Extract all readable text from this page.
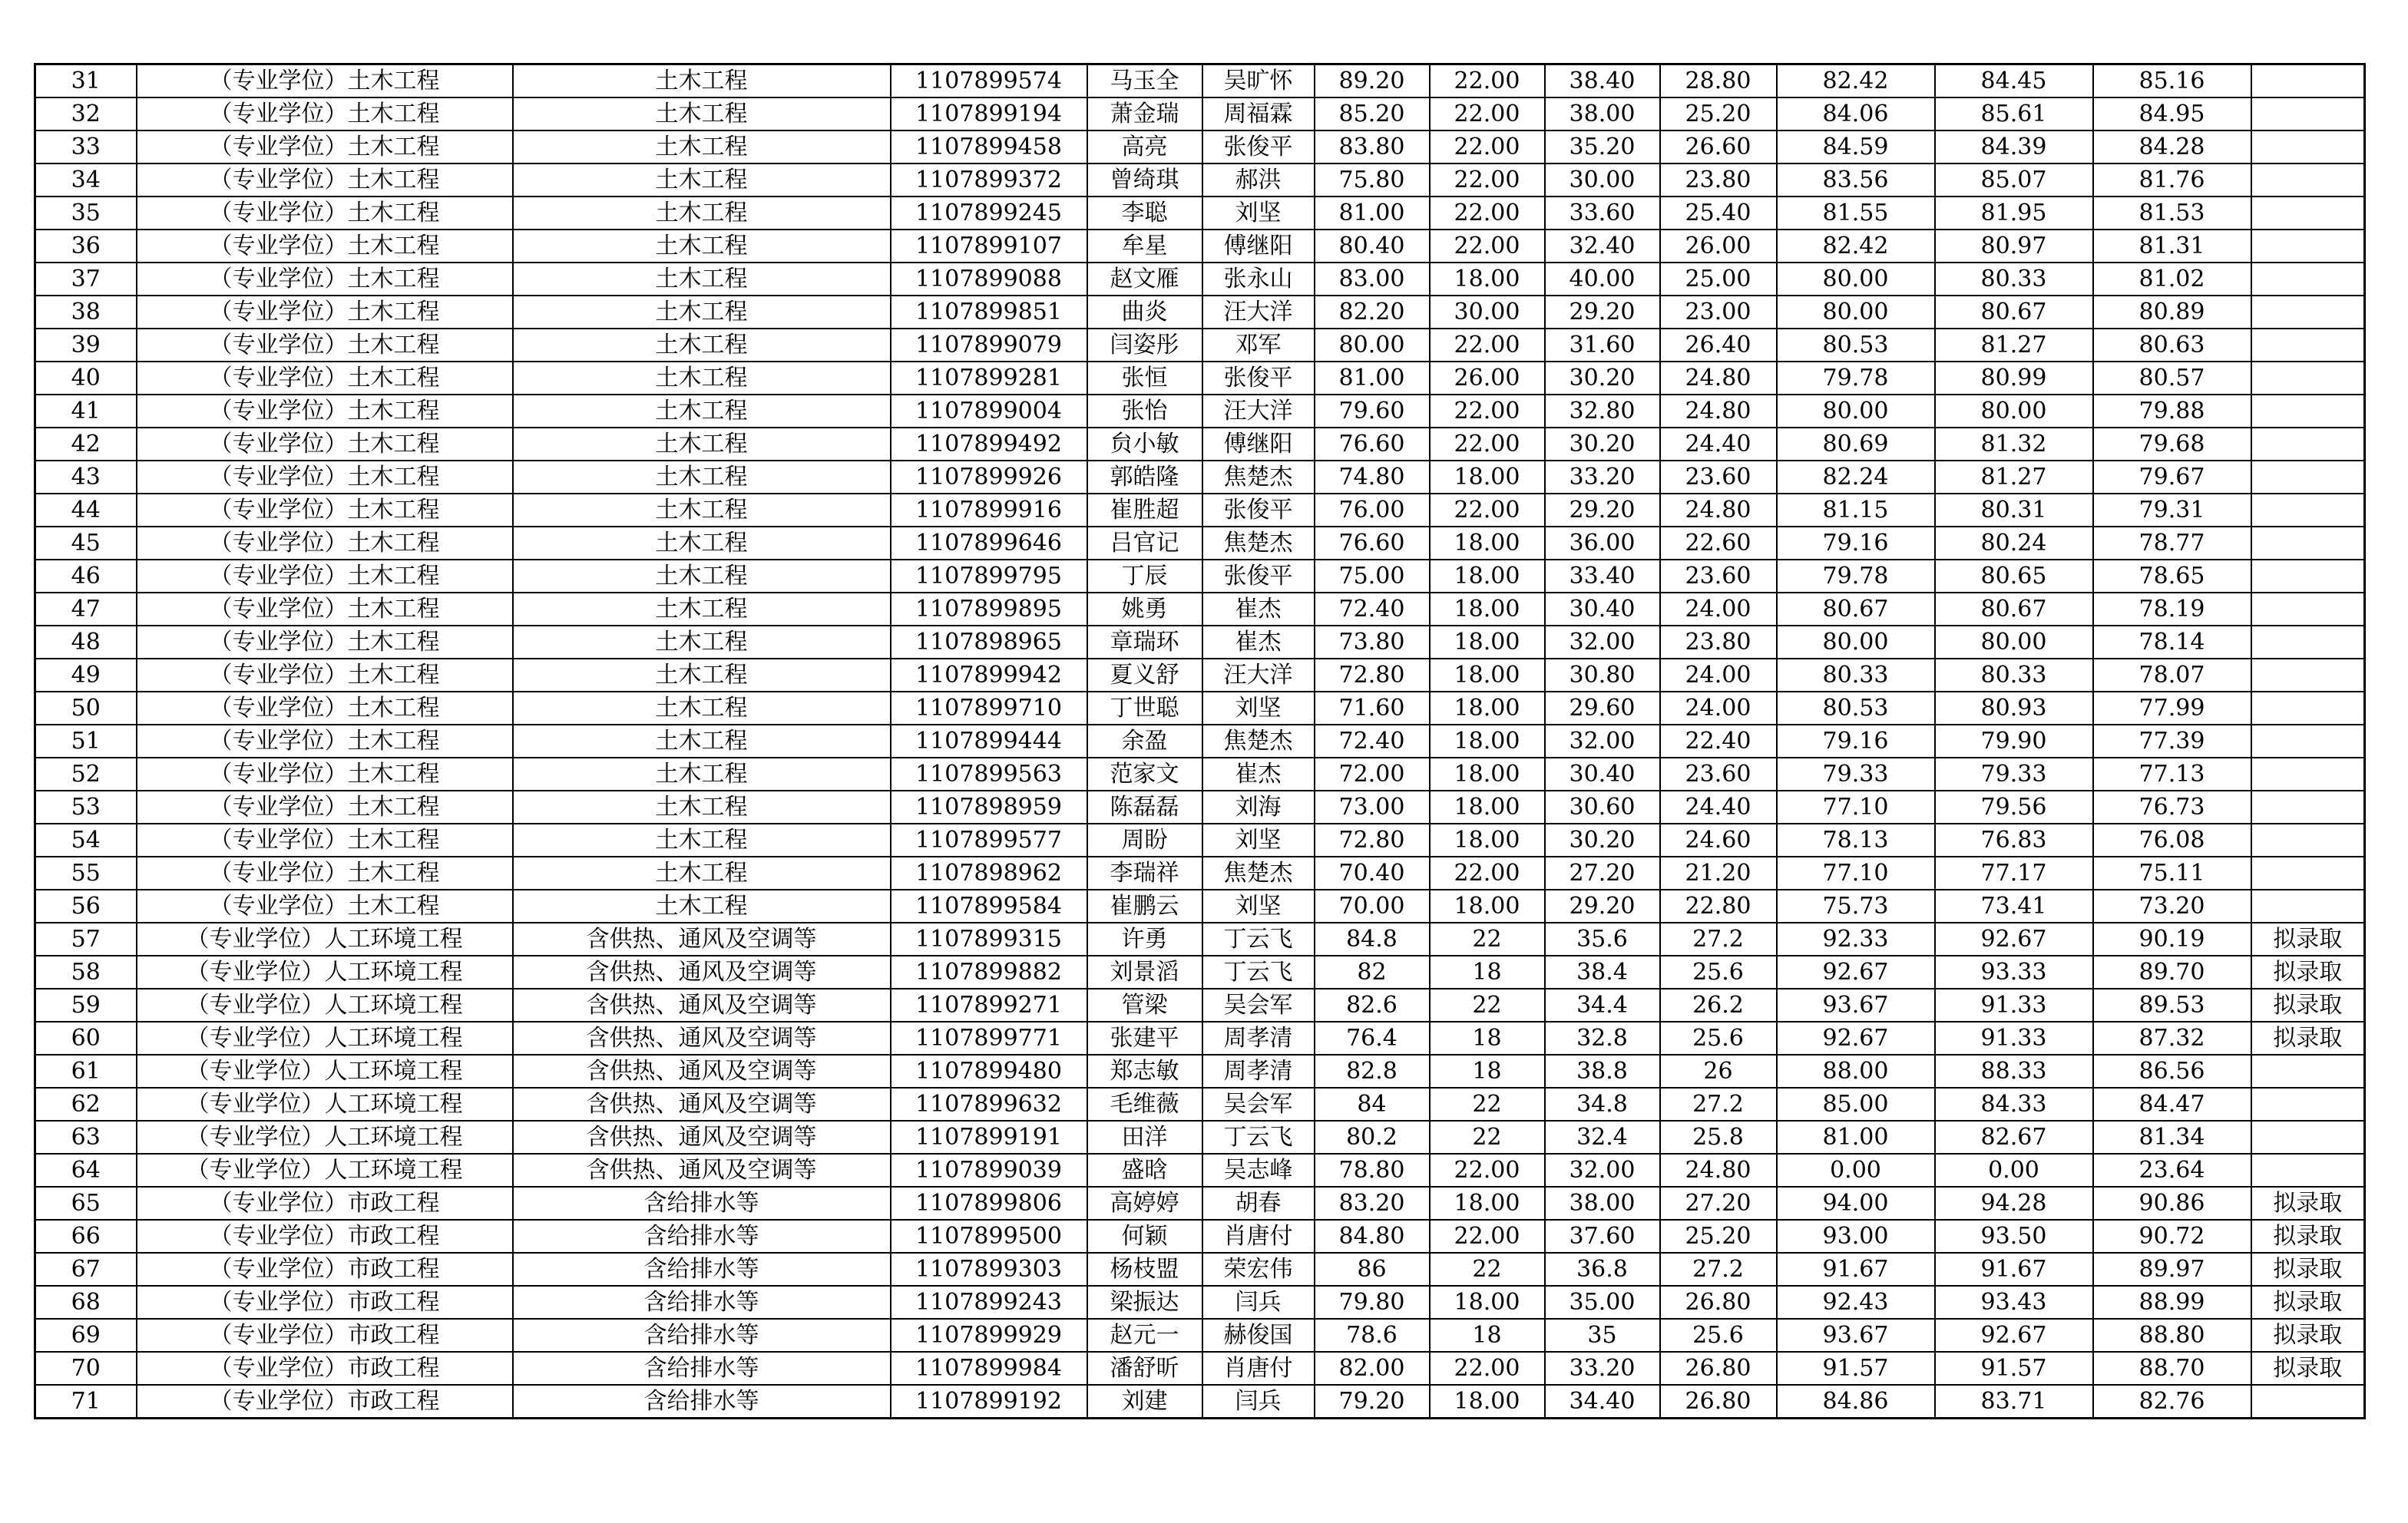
31	（专业学位）土木工程	土木工程	1107899574	马玉全	吴旷怀	89.20	22.00	38.40	28.80	82.42	84.45	85.16	
32	（专业学位）土木工程	土木工程	1107899194	萧金瑞	周福霖	85.20	22.00	38.00	25.20	84.06	85.61	84.95	
33	（专业学位）土木工程	土木工程	1107899458	高亮	张俊平	83.80	22.00	35.20	26.60	84.59	84.39	84.28	
34	（专业学位）土木工程	土木工程	1107899372	曾绮琪	郝洪	75.80	22.00	30.00	23.80	83.56	85.07	81.76	
35	（专业学位）土木工程	土木工程	1107899245	李聪	刘坚	81.00	22.00	33.60	25.40	81.55	81.95	81.53	
36	（专业学位）土木工程	土木工程	1107899107	牟星	傅继阳	80.40	22.00	32.40	26.00	82.42	80.97	81.31	
37	（专业学位）土木工程	土木工程	1107899088	赵文雁	张永山	83.00	18.00	40.00	25.00	80.00	80.33	81.02	
38	（专业学位）土木工程	土木工程	1107899851	曲炎	汪大洋	82.20	30.00	29.20	23.00	80.00	80.67	80.89	
39	（专业学位）土木工程	土木工程	1107899079	闫姿彤	邓军	80.00	22.00	31.60	26.40	80.53	81.27	80.63	
40	（专业学位）土木工程	土木工程	1107899281	张恒	张俊平	81.00	26.00	30.20	24.80	79.78	80.99	80.57	
41	（专业学位）土木工程	土木工程	1107899004	张怡	汪大洋	79.60	22.00	32.80	24.80	80.00	80.00	79.88	
42	（专业学位）土木工程	土木工程	1107899492	贠小敏	傅继阳	76.60	22.00	30.20	24.40	80.69	81.32	79.68	
43	（专业学位）土木工程	土木工程	1107899926	郭皓隆	焦楚杰	74.80	18.00	33.20	23.60	82.24	81.27	79.67	
44	（专业学位）土木工程	土木工程	1107899916	崔胜超	张俊平	76.00	22.00	29.20	24.80	81.15	80.31	79.31	
45	（专业学位）土木工程	土木工程	1107899646	吕官记	焦楚杰	76.60	18.00	36.00	22.60	79.16	80.24	78.77	
46	（专业学位）土木工程	土木工程	1107899795	丁辰	张俊平	75.00	18.00	33.40	23.60	79.78	80.65	78.65	
47	（专业学位）土木工程	土木工程	1107899895	姚勇	崔杰	72.40	18.00	30.40	24.00	80.67	80.67	78.19	
48	（专业学位）土木工程	土木工程	1107898965	章瑞环	崔杰	73.80	18.00	32.00	23.80	80.00	80.00	78.14	
49	（专业学位）土木工程	土木工程	1107899942	夏义舒	汪大洋	72.80	18.00	30.80	24.00	80.33	80.33	78.07	
50	（专业学位）土木工程	土木工程	1107899710	丁世聪	刘坚	71.60	18.00	29.60	24.00	80.53	80.93	77.99	
51	（专业学位）土木工程	土木工程	1107899444	余盈	焦楚杰	72.40	18.00	32.00	22.40	79.16	79.90	77.39	
52	（专业学位）土木工程	土木工程	1107899563	范家文	崔杰	72.00	18.00	30.40	23.60	79.33	79.33	77.13	
53	（专业学位）土木工程	土木工程	1107898959	陈磊磊	刘海	73.00	18.00	30.60	24.40	77.10	79.56	76.73	
54	（专业学位）土木工程	土木工程	1107899577	周盼	刘坚	72.80	18.00	30.20	24.60	78.13	76.83	76.08	
55	（专业学位）土木工程	土木工程	1107898962	李瑞祥	焦楚杰	70.40	22.00	27.20	21.20	77.10	77.17	75.11	
56	（专业学位）土木工程	土木工程	1107899584	崔鹏云	刘坚	70.00	18.00	29.20	22.80	75.73	73.41	73.20	
57	（专业学位）人工环境工程	含供热、通风及空调等	1107899315	许勇	丁云飞	84.8	22	35.6	27.2	92.33	92.67	90.19	拟录取
58	（专业学位）人工环境工程	含供热、通风及空调等	1107899882	刘景滔	丁云飞	82	18	38.4	25.6	92.67	93.33	89.70	拟录取
59	（专业学位）人工环境工程	含供热、通风及空调等	1107899271	管梁	吴会军	82.6	22	34.4	26.2	93.67	91.33	89.53	拟录取
60	（专业学位）人工环境工程	含供热、通风及空调等	1107899771	张建平	周孝清	76.4	18	32.8	25.6	92.67	91.33	87.32	拟录取
61	（专业学位）人工环境工程	含供热、通风及空调等	1107899480	郑志敏	周孝清	82.8	18	38.8	26	88.00	88.33	86.56	
62	（专业学位）人工环境工程	含供热、通风及空调等	1107899632	毛维薇	吴会军	84	22	34.8	27.2	85.00	84.33	84.47	
63	（专业学位）人工环境工程	含供热、通风及空调等	1107899191	田洋	丁云飞	80.2	22	32.4	25.8	81.00	82.67	81.34	
64	（专业学位）人工环境工程	含供热、通风及空调等	1107899039	盛晗	吴志峰	78.80	22.00	32.00	24.80	0.00	0.00	23.64	
65	（专业学位）市政工程	含给排水等	1107899806	高婷婷	胡春	83.20	18.00	38.00	27.20	94.00	94.28	90.86	拟录取
66	（专业学位）市政工程	含给排水等	1107899500	何颖	肖唐付	84.80	22.00	37.60	25.20	93.00	93.50	90.72	拟录取
67	（专业学位）市政工程	含给排水等	1107899303	杨枝盟	荣宏伟	86	22	36.8	27.2	91.67	91.67	89.97	拟录取
68	（专业学位）市政工程	含给排水等	1107899243	梁振达	闫兵	79.80	18.00	35.00	26.80	92.43	93.43	88.99	拟录取
69	（专业学位）市政工程	含给排水等	1107899929	赵元一	赫俊国	78.6	18	35	25.6	93.67	92.67	88.80	拟录取
70	（专业学位）市政工程	含给排水等	1107899984	潘舒昕	肖唐付	82.00	22.00	33.20	26.80	91.57	91.57	88.70	拟录取
71	（专业学位）市政工程	含给排水等	1107899192	刘建	闫兵	79.20	18.00	34.40	26.80	84.86	83.71	82.76	
